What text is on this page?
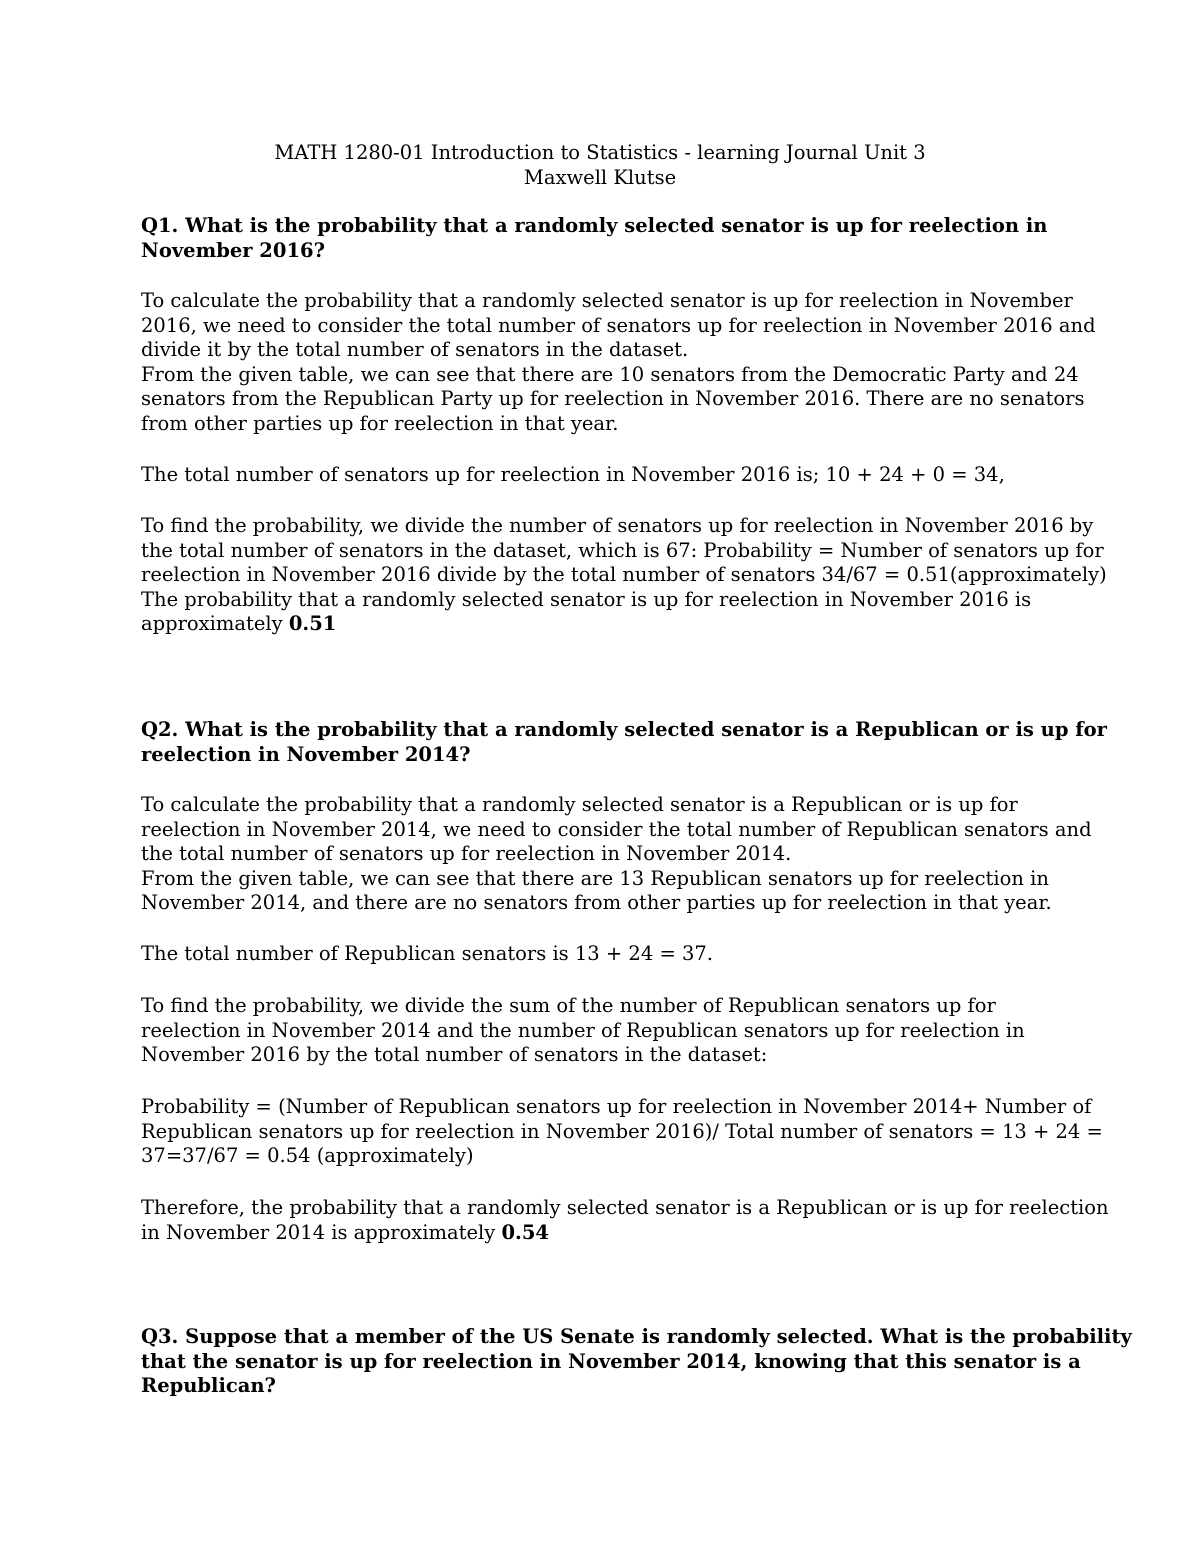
MATH 1280-01 Introduction to Statistics - learning Journal Unit 3
Maxwell Klutse
Q1. What is the probability that a randomly selected senator is up for reelection in
November 2016?
To calculate the probability that a randomly selected senator is up for reelection in November
2016, we need to consider the total number of senators up for reelection in November 2016 and
divide it by the total number of senators in the dataset.
From the given table, we can see that there are 10 senators from the Democratic Party and 24
senators from the Republican Party up for reelection in November 2016. There are no senators
from other parties up for reelection in that year.
The total number of senators up for reelection in November 2016 is; 10 + 24 + 0 = 34,
To find the probability, we divide the number of senators up for reelection in November 2016 by
the total number of senators in the dataset, which is 67: Probability = Number of senators up for
reelection in November 2016 divide by the total number of senators 34/67 = 0.51(approximately)
The probability that a randomly selected senator is up for reelection in November 2016 is
approximately 0.51
Q2. What is the probability that a randomly selected senator is a Republican or is up for
reelection in November 2014?
To calculate the probability that a randomly selected senator is a Republican or is up for
reelection in November 2014, we need to consider the total number of Republican senators and
the total number of senators up for reelection in November 2014.
From the given table, we can see that there are 13 Republican senators up for reelection in
November 2014, and there are no senators from other parties up for reelection in that year.
The total number of Republican senators is 13 + 24 = 37.
To find the probability, we divide the sum of the number of Republican senators up for
reelection in November 2014 and the number of Republican senators up for reelection in
November 2016 by the total number of senators in the dataset:
Probability = (Number of Republican senators up for reelection in November 2014+ Number of
Republican senators up for reelection in November 2016)/ Total number of senators = 13 + 24 =
37=37/67 = 0.54 (approximately)
Therefore, the probability that a randomly selected senator is a Republican or is up for reelection
in November 2014 is approximately 0.54
Q3. Suppose that a member of the US Senate is randomly selected. What is the probability
that the senator is up for reelection in November 2014, knowing that this senator is a
Republican?
